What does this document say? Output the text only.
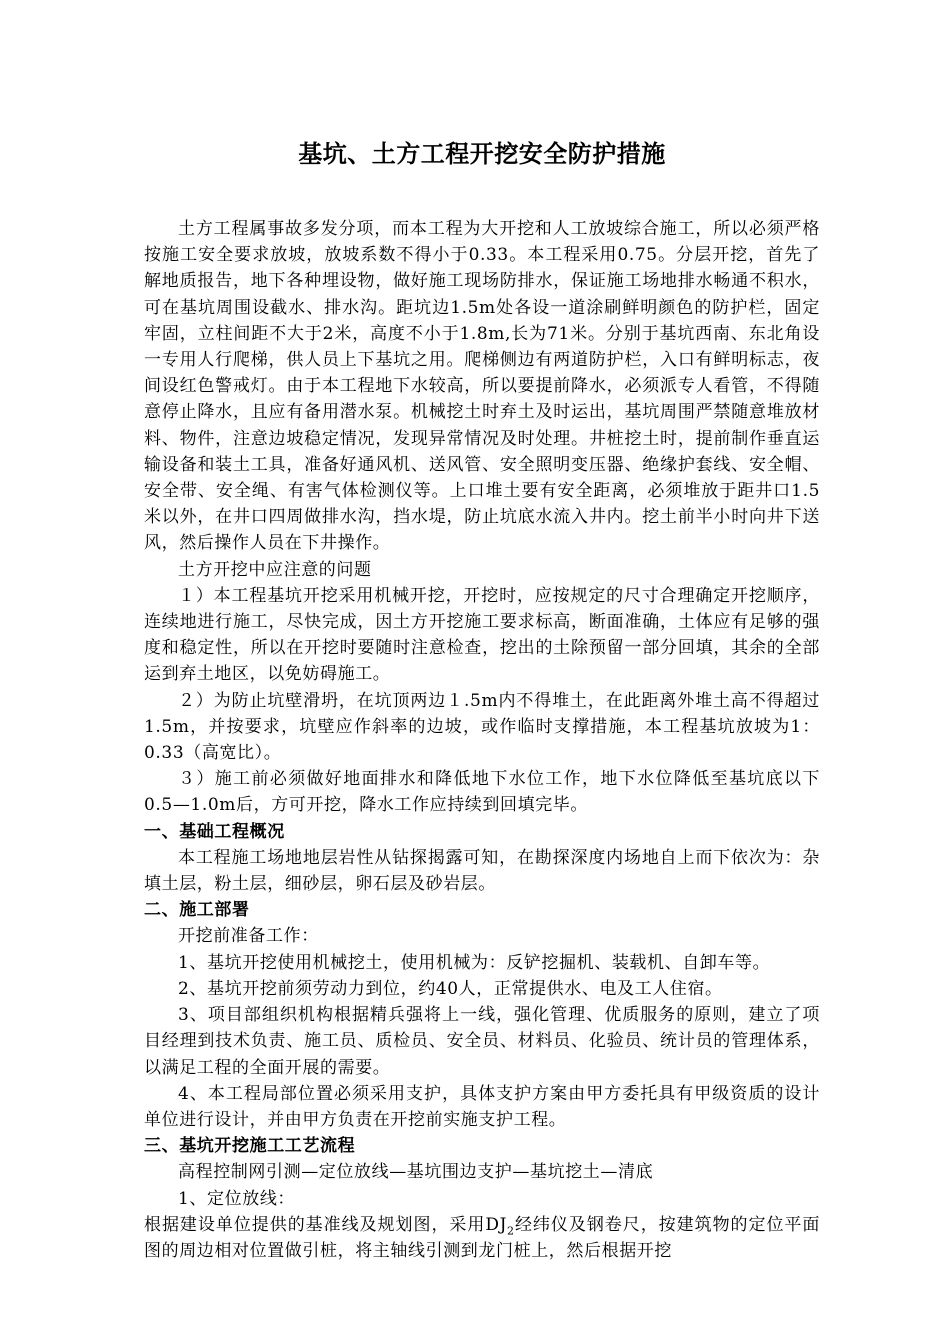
基坑、土方工程开挖安全防护措施

土方工程属事故多发分项，而本工程为大开挖和人工放坡综合施工，所以必须严格按施工安全要求放坡，放坡系数不得小于0.33。本工程采用0.75。分层开挖，首先了解地质报告，地下各种埋设物，做好施工现场防排水，保证施工场地排水畅通不积水，可在基坑周围设截水、排水沟。距坑边1.5m处各设一道涂刷鲜明颜色的防护栏，固定牢固，立柱间距不大于2米，高度不小于1.8m,长为71米。分别于基坑西南、东北角设一专用人行爬梯，供人员上下基坑之用。爬梯侧边有两道防护栏，入口有鲜明标志，夜间设红色警戒灯。由于本工程地下水较高，所以要提前降水，必须派专人看管，不得随意停止降水，且应有备用潜水泵。机械挖土时弃土及时运出，基坑周围严禁随意堆放材料、物件，注意边坡稳定情况，发现异常情况及时处理。井桩挖土时，提前制作垂直运输设备和装土工具，准备好通风机、送风管、安全照明变压器、绝缘护套线、安全帽、安全带、安全绳、有害气体检测仪等。上口堆土要有安全距离，必须堆放于距井口1.5米以外，在井口四周做排水沟，挡水堤，防止坑底水流入井内。挖土前半小时向井下送风，然后操作人员在下井操作。

土方开挖中应注意的问题

１）本工程基坑开挖采用机械开挖，开挖时，应按规定的尺寸合理确定开挖顺序，连续地进行施工，尽快完成，因土方开挖施工要求标高，断面准确，土体应有足够的强度和稳定性，所以在开挖时要随时注意检查，挖出的土除预留一部分回填，其余的全部运到弃土地区，以免妨碍施工。

２）为防止坑壁滑坍，在坑顶两边１.5m内不得堆土，在此距离外堆土高不得超过1.5m，并按要求，坑壁应作斜率的边坡，或作临时支撑措施，本工程基坑放坡为1：0.33（高宽比）。

３）施工前必须做好地面排水和降低地下水位工作，地下水位降低至基坑底以下0.5—1.0m后，方可开挖，降水工作应持续到回填完毕。

一、基础工程概况

本工程施工场地地层岩性从钻探揭露可知，在勘探深度内场地自上而下依次为：杂填土层，粉土层，细砂层，卵石层及砂岩层。

二、施工部署

开挖前准备工作：

1、基坑开挖使用机械挖土，使用机械为：反铲挖掘机、装载机、自卸车等。

2、基坑开挖前须劳动力到位，约40人，正常提供水、电及工人住宿。

3、项目部组织机构根据精兵强将上一线，强化管理、优质服务的原则，建立了项目经理到技术负责、施工员、质检员、安全员、材料员、化验员、统计员的管理体系，以满足工程的全面开展的需要。

4、本工程局部位置必须采用支护，具体支护方案由甲方委托具有甲级资质的设计单位进行设计，并由甲方负责在开挖前实施支护工程。

三、基坑开挖施工工艺流程

高程控制网引测—定位放线—基坑围边支护—基坑挖土—清底

1、定位放线：

根据建设单位提供的基准线及规划图，采用$DJ_2$经纬仪及钢卷尺，按建筑物的定位平面图的周边相对位置做引桩，将主轴线引测到龙门桩上，然后根据开挖
